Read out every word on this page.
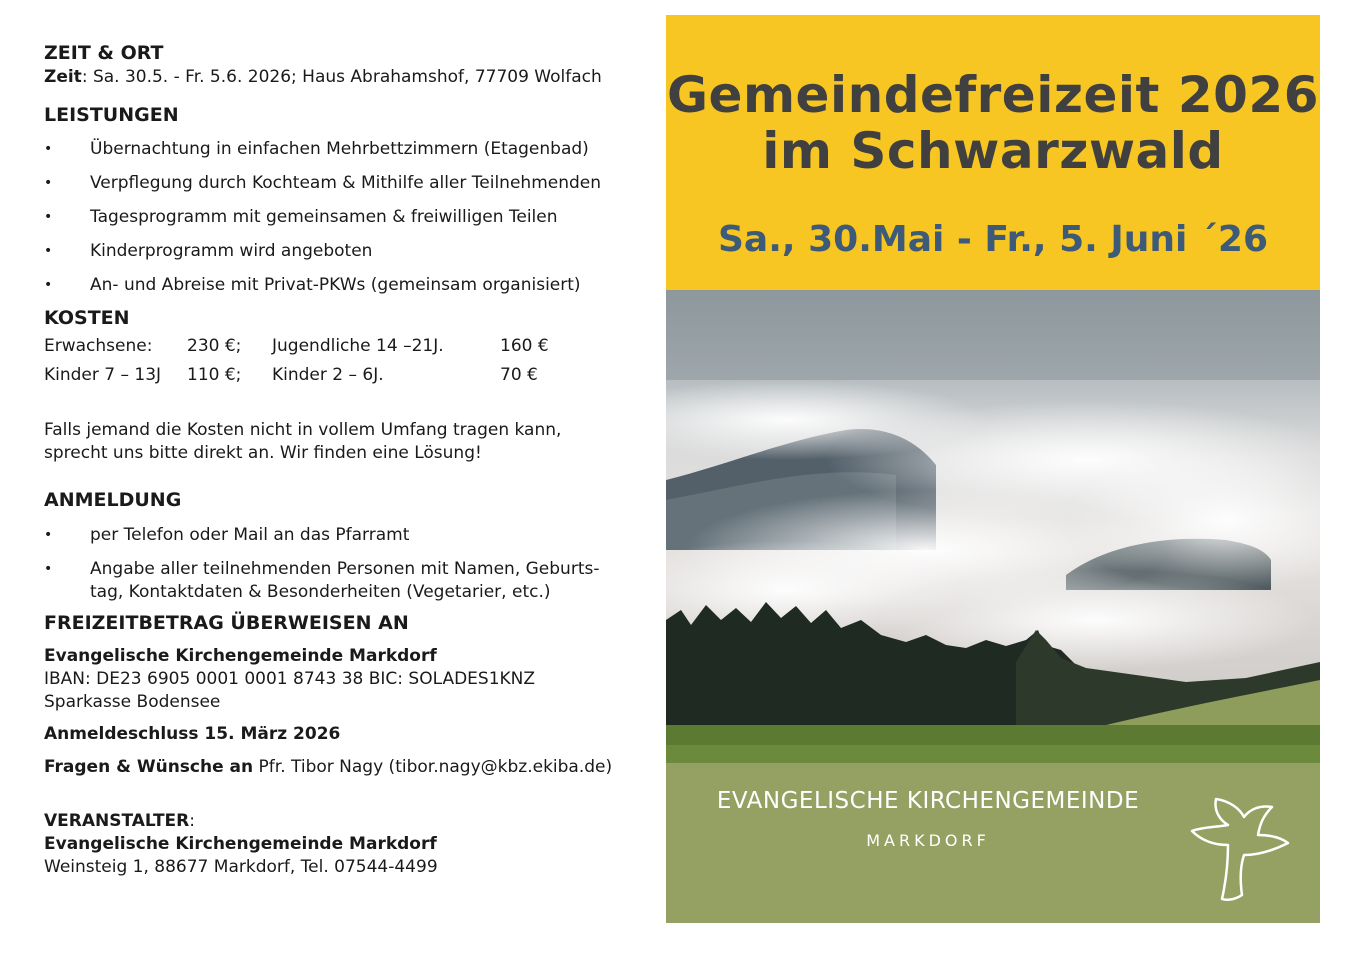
ZEIT & ORT

Zeit: Sa. 30.5. - Fr. 5.6. 2026; Haus Abrahamshof, 77709 Wolfach

LEISTUNGEN

• Übernachtung in einfachen Mehrbettzimmern (Etagenbad)
• Verpflegung durch Kochteam & Mithilfe aller Teilnehmenden
• Tagesprogramm mit gemeinsamen & freiwilligen Teilen
• Kinderprogramm wird angeboten
• An- und Abreise mit Privat-PKWs (gemeinsam organisiert)

KOSTEN

Erwachsene:	230 €;	Jugendliche 14 –21J.	160 €
Kinder 7 – 13J	110 €;	Kinder 2 – 6J.	70 €

Falls jemand die Kosten nicht in vollem Umfang tragen kann,

sprecht uns bitte direkt an. Wir finden eine Lösung!

ANMELDUNG

• per Telefon oder Mail an das Pfarramt
• Angabe aller teilnehmenden Personen mit Namen, Geburts- tag, Kontaktdaten & Besonderheiten (Vegetarier, etc.)

FREIZEITBETRAG ÜBERWEISEN AN

Evangelische Kirchengemeinde Markdorf

IBAN: DE23 6905 0001 0001 8743 38 BIC: SOLADES1KNZ

Sparkasse Bodensee

Anmeldeschluss 15. März 2026

Fragen & Wünsche an Pfr. Tibor Nagy (tibor.nagy@kbz.ekiba.de)

VERANSTALTER:

Evangelische Kirchengemeinde Markdorf

Weinsteig 1, 88677 Markdorf, Tel. 07544-4499

Gemeindefreizeit 2026
im Schwarzwald

Sa., 30.Mai - Fr., 5. Juni ´26
EVANGELISCHE KIRCHENGEMEINDE
MARKDORF
